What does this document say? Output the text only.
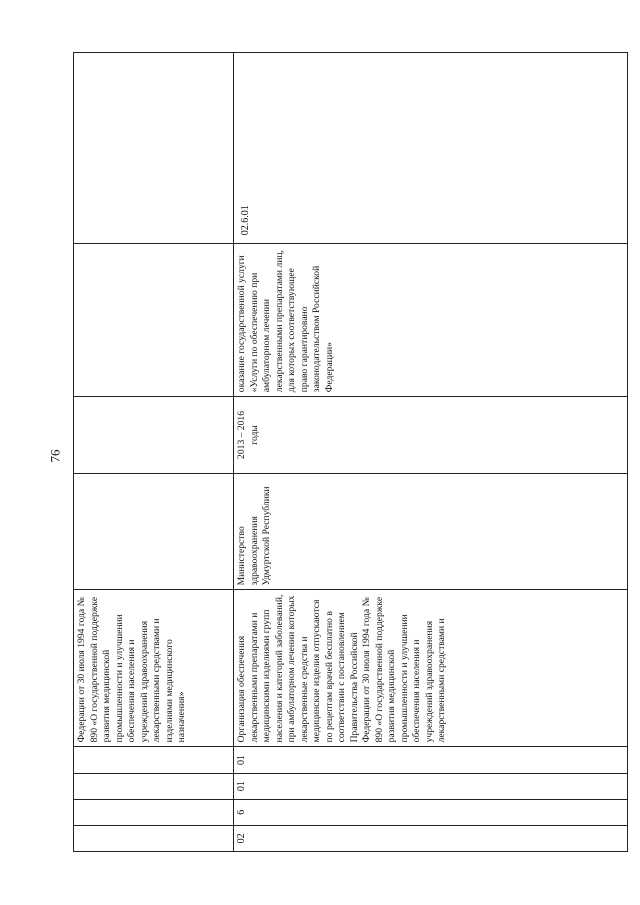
76
				Федерации от 30 июля 1994 года № 890 «О государственной поддержке развития медицинской промышленности и улучшении обеспечения населения и учреждений здравоохранения лекарственными средствами и изделиями медицинского назначения»				
02	6	01	01	Организация обеспечения лекарственными препаратами и медицинскими изделиями групп населения и категорий заболеваний, при амбулаторном лечении которых лекарственные средства и медицинские изделия отпускаются по рецептам врачей бесплатно в соответствии с постановлением Правительства Российской Федерации от 30 июля 1994 года № 890 «О государственной поддержке развития медицинской промышленности и улучшении обеспечения населения и учреждений здравоохранения лекарственными средствами и	Министерство здравоохранения Удмуртской Республики	2013 – 2016 годы	оказание государственной услуги «Услуги по обеспечению при амбулаторном лечении лекарственными препаратами лиц, для которых соответствующее право гарантировано законодательством Российской Федерации»	02.6.01
